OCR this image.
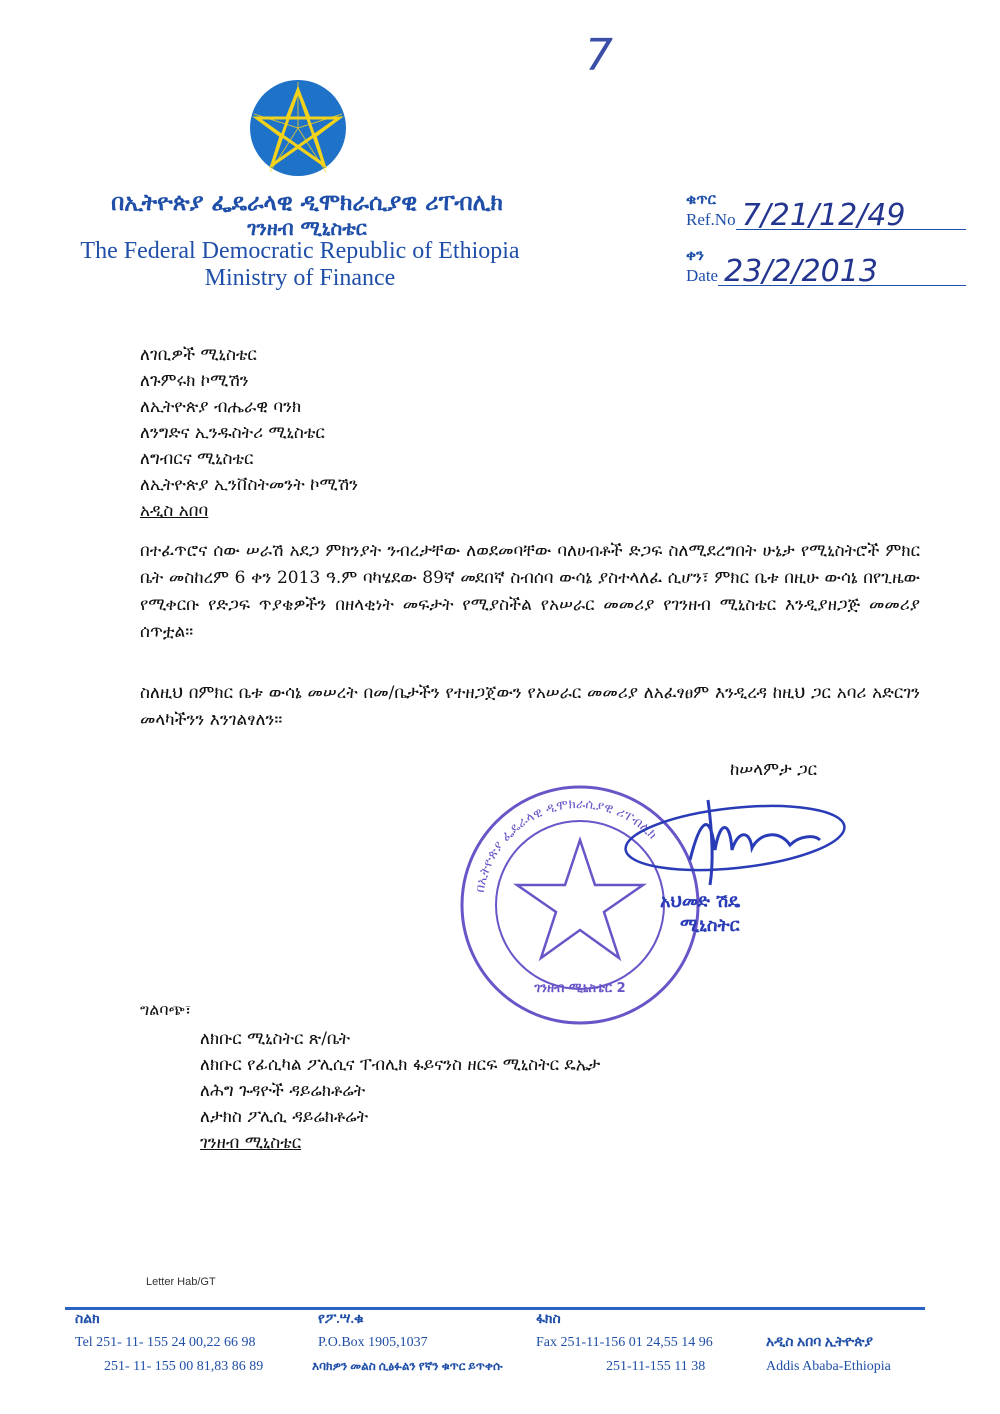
7
በኢትዮጵያ ፌዴራላዊ ዲሞክራሲያዊ ሪፐብሊክ
ገንዘብ ሚኒስቴር
The Federal Democratic Republic of Ethiopia
Ministry of Finance
ቁጥር
Ref.No 7/21/12/49
ቀን
Date 23/2/2013
ለገቢዎች ሚኒስቴር
ለጉምሩክ ኮሚሽን
ለኢትዮጵያ ብሔራዊ ባንክ
ለንግድና ኢንዱስትሪ ሚኒስቴር
ለግብርና ሚኒስቴር
ለኢትዮጵያ ኢንቨስትመንት ኮሚሽን
አዲስ አበባ
በተፈጥሮና ሰው ሠራሽ አደጋ ምክንያት ንብረታቸው ለወደመባቸው ባለሀብቶች ድጋፍ ስለሚደረግበት ሁኔታ የሚኒስትሮች ምክር ቤት መስከረም 6 ቀን 2013 ዓ.ም ባካሄደው 89ኛ መደበኛ ስብሰባ ውሳኔ ያስተላለፈ ሲሆን፣ ምክር ቤቱ በዚሁ ውሳኔ በየጊዜው የሚቀርቡ የድጋፍ ጥያቄዎችን በዘላቂነት መፍታት የሚያስችል የአሠራር መመሪያ የገንዘብ ሚኒስቴር እንዲያዘጋጅ መመሪያ ሰጥቷል።
ስለዚህ በምክር ቤቱ ውሳኔ መሠረት በመ/ቤታችን የተዘጋጀውን የአሠራር መመሪያ ለአፈፃፀም እንዲረዳ ከዚህ ጋር አባሪ አድርገን መላካችንን እንገልፃለን።
ከሠላምታ ጋር
በኢትዮጵያ ፌዴራላዊ ዲሞክራሲያዊ ሪፐብሊክ
ገንዘብ ሚኒስቴር 2
አህመድ ሽዴ
ሚኒስትር
ግልባጭ፣
ለክቡር ሚኒስትር ጽ/ቤት
ለክቡር የፊሲካል ፖሊሲና ፐብሊክ ፋይናንስ ዘርፍ ሚኒስትር ዴኤታ
ለሕግ ጉዳዮች ዳይሬክቶሬት
ለታክስ ፖሊሲ ዳይሬክቶሬት
ገንዘብ ሚኒስቴር
Letter Hab/GT
ስልክ
Tel 251- 11- 155 24 00,22 66 98
251- 11- 155 00 81,83 86 89
የፖ.ሣ.ቁ
P.O.Box 1905,1037
እባክዎን መልስ ሲፅፉልን የኛን ቁጥር ይጥቀሱ
ፋክስ
Fax 251-11-156 01 24,55 14 96
251-11-155 11 38
አዲስ አበባ ኢትዮጵያ
Addis Ababa-Ethiopia
